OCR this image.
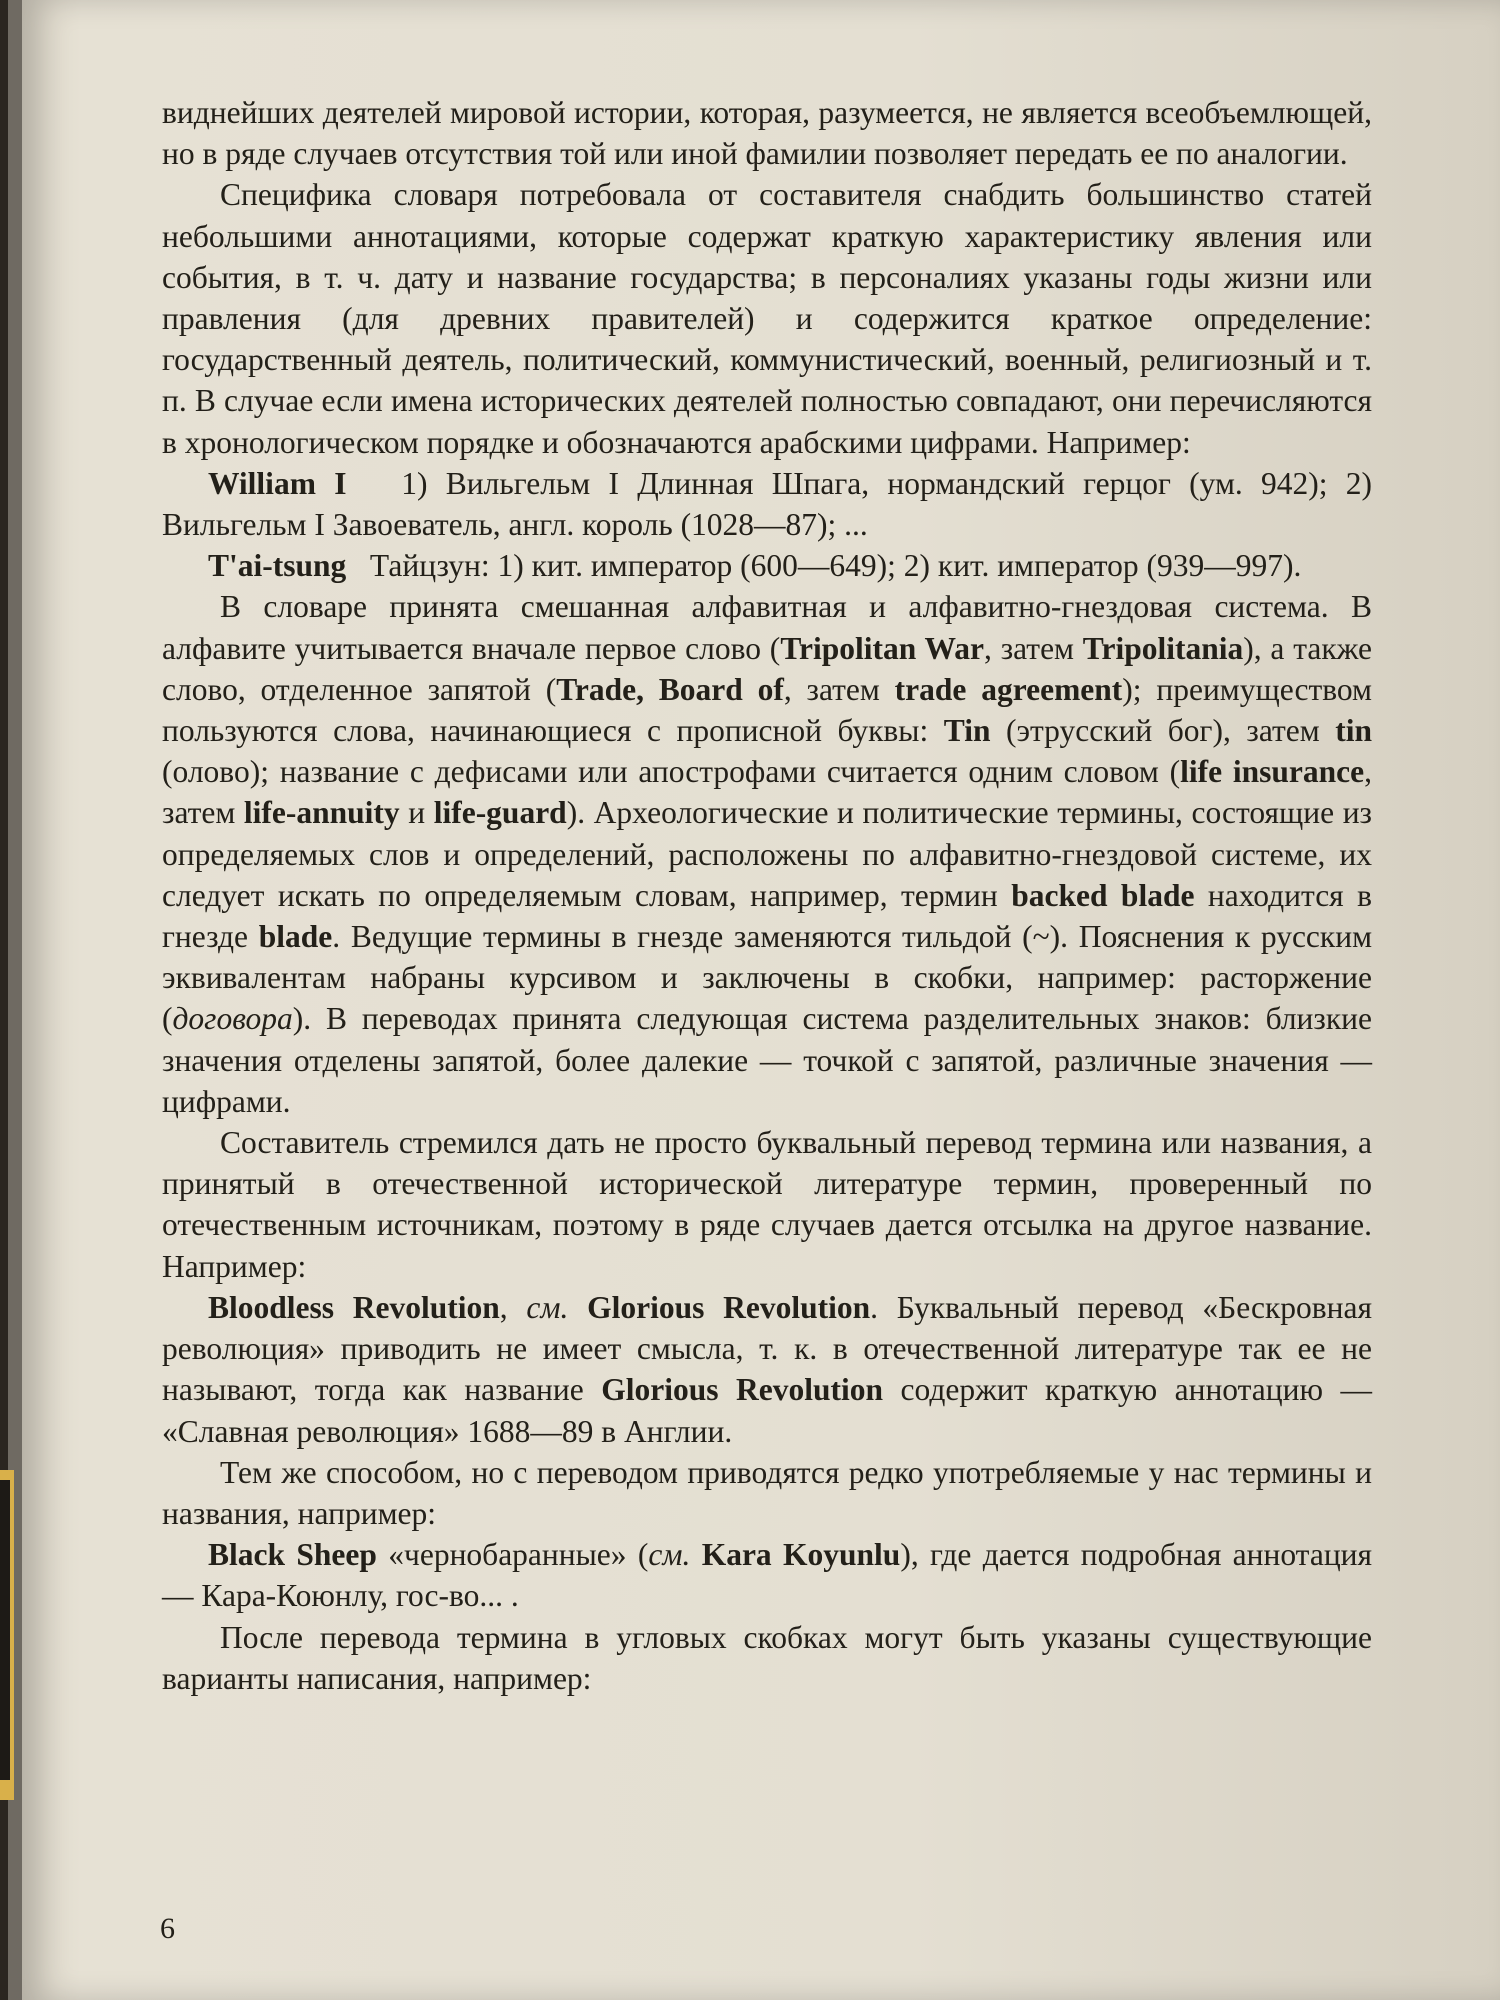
виднейших деятелей мировой истории, которая, разумеется, не является всеобъемлющей, но в ряде случаев отсутствия той или иной фамилии позволяет передать ее по аналогии.

Специфика словаря потребовала от составителя снабдить большинство статей небольшими аннотациями, которые содержат краткую характеристику явления или события, в т. ч. дату и название государства; в персоналиях указаны годы жизни или правления (для древних правителей) и содержится краткое определение: государственный деятель, политический, коммунистический, военный, религиозный и т. п. В случае если имена исторических деятелей полностью совпадают, они перечисляются в хронологическом порядке и обозначаются арабскими цифрами. Например:

William I 1) Вильгельм I Длинная Шпага, нормандский герцог (ум. 942); 2) Вильгельм I Завоеватель, англ. король (1028—87); ...

T'ai-tsung Тайцзун: 1) кит. император (600—649); 2) кит. император (939—997).

В словаре принята смешанная алфавитная и алфавитно-гнездовая система. В алфавите учитывается вначале первое слово (Tripolitan War, затем Tripolitania), а также слово, отделенное запятой (Trade, Board of, затем trade agreement); преимуществом пользуются слова, начинающиеся с прописной буквы: Tin (этрусский бог), затем tin (олово); название с дефисами или апострофами считается одним словом (life insurance, затем life-annuity и life-guard). Археологические и политические термины, состоящие из определяемых слов и определений, расположены по алфавитно-гнездовой системе, их следует искать по определяемым словам, например, термин backed blade находится в гнезде blade. Ведущие термины в гнезде заменяются тильдой (~). Пояснения к русским эквивалентам набраны курсивом и заключены в скобки, например: расторжение (договора). В переводах принята следующая система разделительных знаков: близкие значения отделены запятой, более далекие — точкой с запятой, различные значения — цифрами.

Составитель стремился дать не просто буквальный перевод термина или названия, а принятый в отечественной исторической литературе термин, проверенный по отечественным источникам, поэтому в ряде случаев дается отсылка на другое название. Например:

Bloodless Revolution, см. Glorious Revolution. Буквальный перевод «Бескровная революция» приводить не имеет смысла, т. к. в отечественной литературе так ее не называют, тогда как название Glorious Revolution содержит краткую аннотацию — «Славная революция» 1688—89 в Англии.

Тем же способом, но с переводом приводятся редко употребляемые у нас термины и названия, например:

Black Sheep «чернобаранные» (см. Kara Koyunlu), где дается подробная аннотация — Кара-Коюнлу, гос-во... .

После перевода термина в угловых скобках могут быть указаны существующие варианты написания, например:

6
